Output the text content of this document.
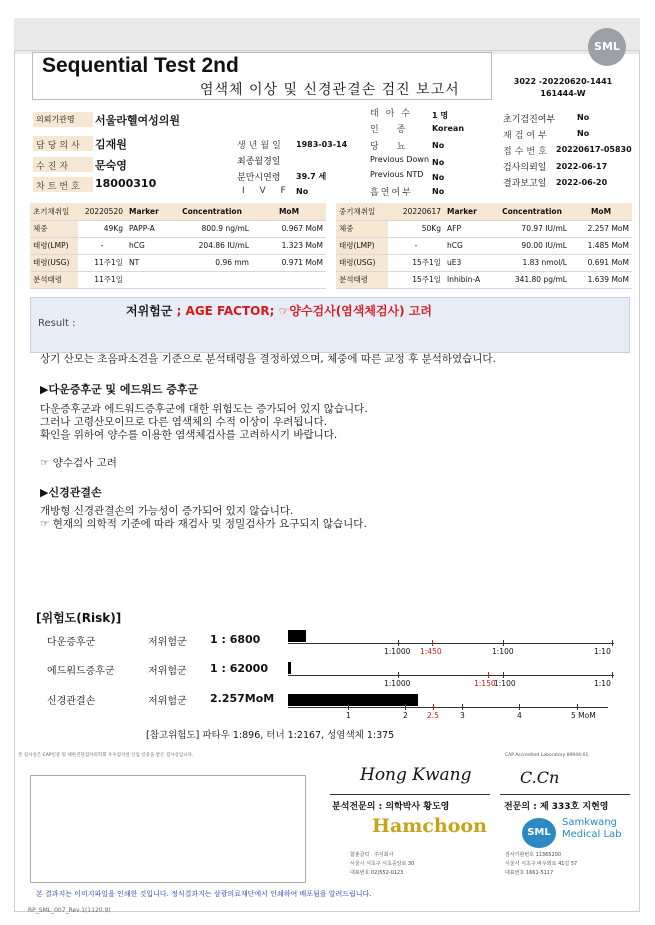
SML
Sequential Test 2nd
염색체 이상 및 신경관결손 검진 보고서
3022 -20220620-1441
161444-W
의뢰기관명 서울라헬여성의원
담당의사 김재원
수진자 문숙영
차트번호 18000310
생년월일 1983-03-14
최종월경일
분만시연령 39.7 세
I V F No
태아수 1 명
인종 Korean
당뇨 No
Previous Down No
Previous NTD No
흡연여부 No
초기검진여부	No
재검여부	No
접수번호 20220617-05830
검사의뢰일 2022-06-17
결과보고일 2022-06-20
초기채취일	20220520	Marker	Concentration	MoM
체중	49Kg	PAPP-A	800.9 ng/mL	0.967 MoM
태령(LMP)	-	hCG	204.86 IU/mL	1.323 MoM
태령(USG)	11주1일	NT	0.96 mm	0.971 MoM
분석태령	11주1일			
중기채취일	20220617	Marker	Concentration	MoM
체중	50Kg	AFP	70.97 IU/mL	2.257 MoM
태령(LMP)	-	hCG	90.00 IU/mL	1.485 MoM
태령(USG)	15주1일	uE3	1.83 nmol/L	0.691 MoM
분석태령	15주1일	Inhibin-A	341.80 pg/mL	1.639 MoM
Result :
저위험군 ; AGE FACTOR; ☞양수검사(염색체검사) 고려
상기 산모는 초음파소견을 기준으로 분석태령을 결정하였으며, 체중에 따른 교정 후 분석하였습니다.
▶다운증후군 및 에드워드 증후군
다운증후군과 에드워드증후군에 대한 위험도는 증가되어 있지 않습니다.
그러나 고령산모이므로 다른 염색체의 수적 이상이 우려됩니다.
확인을 위하여 양수를 이용한 염색체검사를 고려하시기 바랍니다.
☞ 양수검사 고려
▶신경관결손
개방형 신경관결손의 가능성이 증가되어 있지 않습니다.
☞ 현재의 의학적 기준에 따라 재검사 및 정밀검사가 요구되지 않습니다.
[위험도(Risk)]
다운증후군	저위험군 1 : 6800
1:1000 1:450	1:100	1:10
에드워드증후군	저위험군 1 : 62000
1:1000	1:150
1:100	1:10
신경관결손	저위험군 2.257MoM
1	2	2.5	3	4	5 MoM
[참고위험도] 파타우 1:896, 터너 1:2167, 성염색체 1:375
본 검사실은 CAP인증 및 대한진단검사의학회 우수검사실 신임 인증을 받은 검사실입니다.	CAP Accredited Laboratory 89944-01
Hong Kwang
분석전문의 : 의학박사 황도영
Hamchoon
함춘클릭 · 주식회사
서울시 서초구 서초중앙로 30
대표번호 02)552-0123
C.Cn
전문의 : 제 333호 지현영
SML
Samkwang
Medical Lab
검사기관번호 11365200
서울시 서초구 바우뫼로 41길 57
대표번호 1661-5117
본 결과지는 이미지파일을 인쇄한 것입니다. 정식결과지는 삼광의료재단에서 인쇄하여 배포됨을 알려드립니다.
RP_SML_007_Rev.1(1120.9)
